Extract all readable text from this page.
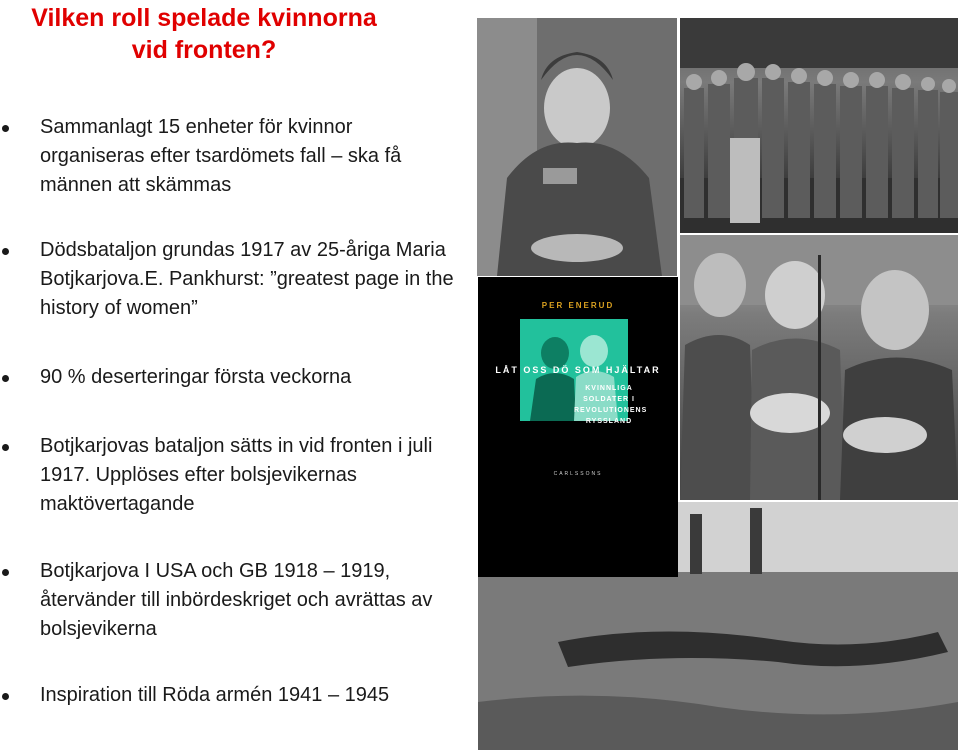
Vilken roll spelade kvinnorna vid fronten?
Sammanlagt 15 enheter för kvinnor organiseras efter tsardömets fall – ska få männen att skämmas
Dödsbataljon grundas 1917 av 25-åriga Maria Botjkarjova.E. Pankhurst: ”greatest page in the history of women”
90 % deserteringar första veckorna
Botjkarjovas bataljon sätts in vid fronten i juli 1917. Upplöses efter bolsjevikernas maktövertagande
Botjkarjova I USA och GB 1918 – 1919, återvänder till inbördeskriget och avrättas av bolsjevikerna
Inspiration till Röda armén 1941 – 1945
PER ENERUD
LÅT OSS DÖ SOM HJÄLTAR
KVINNLIGA
SOLDATER I
REVOLUTIONENS
RYSSLAND
CARLSSONS
